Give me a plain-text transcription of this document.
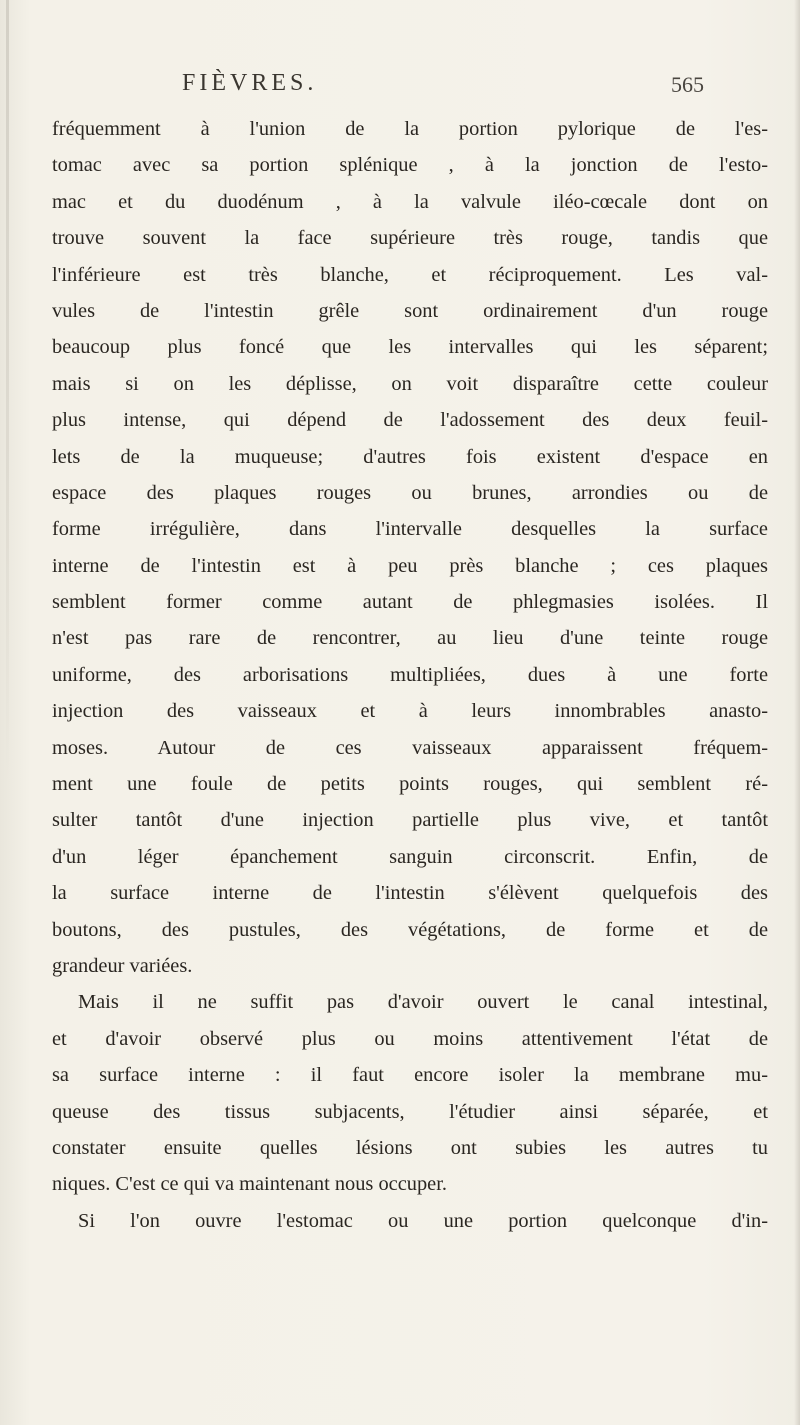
FIÈVRES.	565
fréquemment à l'union de la portion pylorique de l'es-
tomac avec sa portion splénique , à la jonction de l'esto-
mac et du duodénum , à la valvule iléo-cœcale dont on
trouve souvent la face supérieure très rouge, tandis que
l'inférieure est très blanche, et réciproquement. Les val-
vules de l'intestin grêle sont ordinairement d'un rouge
beaucoup plus foncé que les intervalles qui les séparent;
mais si on les déplisse, on voit disparaître cette couleur
plus intense, qui dépend de l'adossement des deux feuil-
lets de la muqueuse; d'autres fois existent d'espace en
espace des plaques rouges ou brunes, arrondies ou de
forme irrégulière, dans l'intervalle desquelles la surface
interne de l'intestin est à peu près blanche ; ces plaques
semblent former comme autant de phlegmasies isolées. Il
n'est pas rare de rencontrer, au lieu d'une teinte rouge
uniforme, des arborisations multipliées, dues à une forte
injection des vaisseaux et à leurs innombrables anasto-
moses. Autour de ces vaisseaux apparaissent fréquem-
ment une foule de petits points rouges, qui semblent ré-
sulter tantôt d'une injection partielle plus vive, et tantôt
d'un léger épanchement sanguin circonscrit. Enfin, de
la surface interne de l'intestin s'élèvent quelquefois des
boutons, des pustules, des végétations, de forme et de
grandeur variées.
Mais il ne suffit pas d'avoir ouvert le canal intestinal,
et d'avoir observé plus ou moins attentivement l'état de
sa surface interne : il faut encore isoler la membrane mu-
queuse des tissus subjacents, l'étudier ainsi séparée, et
constater ensuite quelles lésions ont subies les autres tu
niques. C'est ce qui va maintenant nous occuper.
Si l'on ouvre l'estomac ou une portion quelconque d'in-
